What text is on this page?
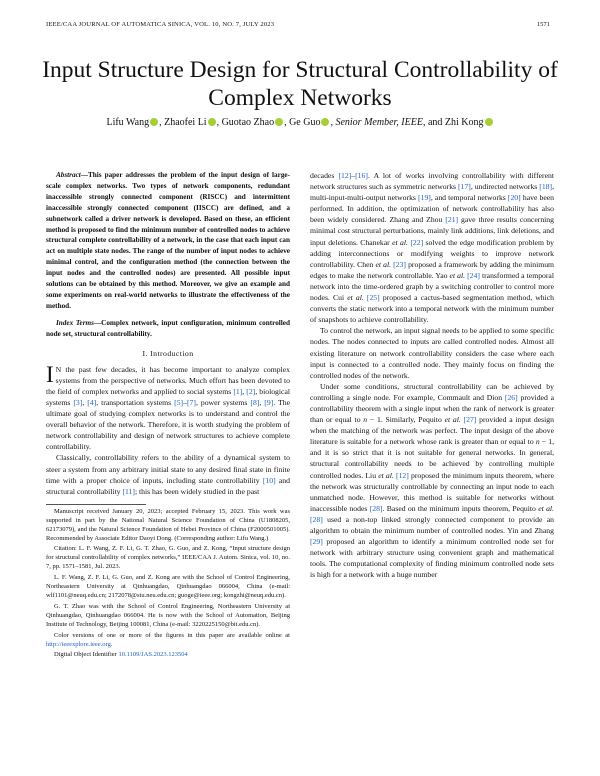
IEEE/CAA JOURNAL OF AUTOMATICA SINICA, VOL. 10, NO. 7, JULY 2023	1571
Input Structure Design for Structural Controllability of Complex Networks
Lifu Wang , Zhaofei Li , Guotao Zhao , Ge Guo , Senior Member, IEEE, and Zhi Kong

Abstract—This paper addresses the problem of the input design of large-scale complex networks. Two types of network components, redundant inaccessible strongly connected component (RISCC) and intermittent inaccessible strongly connected component (IISCC) are defined, and a subnetwork called a driver network is developed. Based on these, an efficient method is proposed to find the minimum number of controlled nodes to achieve structural complete controllability of a network, in the case that each input can act on multiple state nodes. The range of the number of input nodes to achieve minimal control, and the configuration method (the connection between the input nodes and the controlled nodes) are presented. All possible input solutions can be obtained by this method. Moreover, we give an example and some experiments on real-world networks to illustrate the effectiveness of the method.

Index Terms—Complex network, input configuration, minimum controlled node set, structural controllability.

I. Introduction

I N the past few decades, it has become important to analyze complex systems from the perspective of networks. Much effort has been devoted to the field of complex networks and applied to social systems [1], [2], biological systems [3], [4], transportation systems [5]–[7], power systems [8], [9]. The ultimate goal of studying complex networks is to understand and control the overall behavior of the network. Therefore, it is worth studying the problem of network controllability and design of network structures to achieve complete controllability.

Classically, controllability refers to the ability of a dynamical system to steer a system from any arbitrary initial state to any desired final state in finite time with a proper choice of inputs, including state controllability [10] and structural controllability [11]; this has been widely studied in the past

Manuscript received January 20, 2023; accepted February 15, 2023. This work was supported in part by the National Natural Science Foundation of China (U1808205, 62173079), and the Natural Science Foundation of Hebei Province of China (F2000501005). Recommended by Associate Editor Daoyi Dong. (Corresponding author: Lifu Wang.)

Citation: L. F. Wang, Z. F. Li, G. T. Zhao, G. Guo, and Z. Kong, “Input structure design for structural controllability of complex networks,” IEEE/CAA J. Autom. Sinica, vol. 10, no. 7, pp. 1571–1581, Jul. 2023.

L. F. Wang, Z. F. Li, G. Guo, and Z. Kong are with the School of Control Engineering, Northeastern University at Qinhuangdao, Qinhuangdao 066004, China (e-mail: wlf1101@neuq.edu.cn; 2172078@stu.neu.edu.cn; guoge@ieee.org; kongzhi@neuq.edu.cn).

G. T. Zhao was with the School of Control Engineering, Northeastern University at Qinhuangdao, Qinhuangdao 066004. He is now with the School of Automation, Beijing Institute of Technology, Beijing 100081, China (e-mail: 3220225150@bit.edu.cn).

Color versions of one or more of the figures in this paper are available online at http://ieeexplore.ieee.org.

Digital Object Identifier 10.1109/JAS.2023.123504

decades [12]–[16]. A lot of works involving controllability with different network structures such as symmetric networks [17], undirected networks [18], multi-input-multi-output networks [19], and temporal networks [20] have been performed. In addition, the optimization of network controllability has also been widely considered. Zhang and Zhou [21] gave three results concerning minimal cost structural perturbations, mainly link additions, link deletions, and input deletions. Chanekar et al. [22] solved the edge modification problem by adding interconnections or modifying weights to improve network controllability. Chen et al. [23] proposed a framework by adding the minimum edges to make the network controllable. Yao et al. [24] transformed a temporal network into the time-ordered graph by a switching controller to control more nodes. Cui et al. [25] proposed a cactus-based segmentation method, which converts the static network into a temporal network with the minimum number of snapshots to achieve controllability.

To control the network, an input signal needs to be applied to some specific nodes. The nodes connected to inputs are called controlled nodes. Almost all existing literature on network controllability considers the case where each input is connected to a controlled node. They mainly focus on finding the controlled nodes of the network.

Under some conditions, structural controllability can be achieved by controlling a single node. For example, Commault and Dion [26] provided a controllability theorem with a single input when the rank of network is greater than or equal to n − 1. Similarly, Pequito et al. [27] provided a input design when the matching of the network was perfect. The input design of the above literature is suitable for a network whose rank is greater than or equal to n − 1, and it is so strict that it is not suitable for general networks. In general, structural controllability needs to be achieved by controlling multiple controlled nodes. Liu et al. [12] proposed the minimum inputs theorem, where the network was structurally controllable by connecting an input node to each unmatched node. However, this method is suitable for networks without inaccessible nodes [28]. Based on the minimum inputs theorem, Pequito et al. [28] used a non-top linked strongly connected component to provide an algorithm to obtain the minimum number of controlled nodes. Yin and Zhang [29] proposed an algorithm to identify a minimum controlled node set for network with arbitrary structure using convenient graph and mathematical tools. The computational complexity of finding minimum controlled node sets is high for a network with a huge number
